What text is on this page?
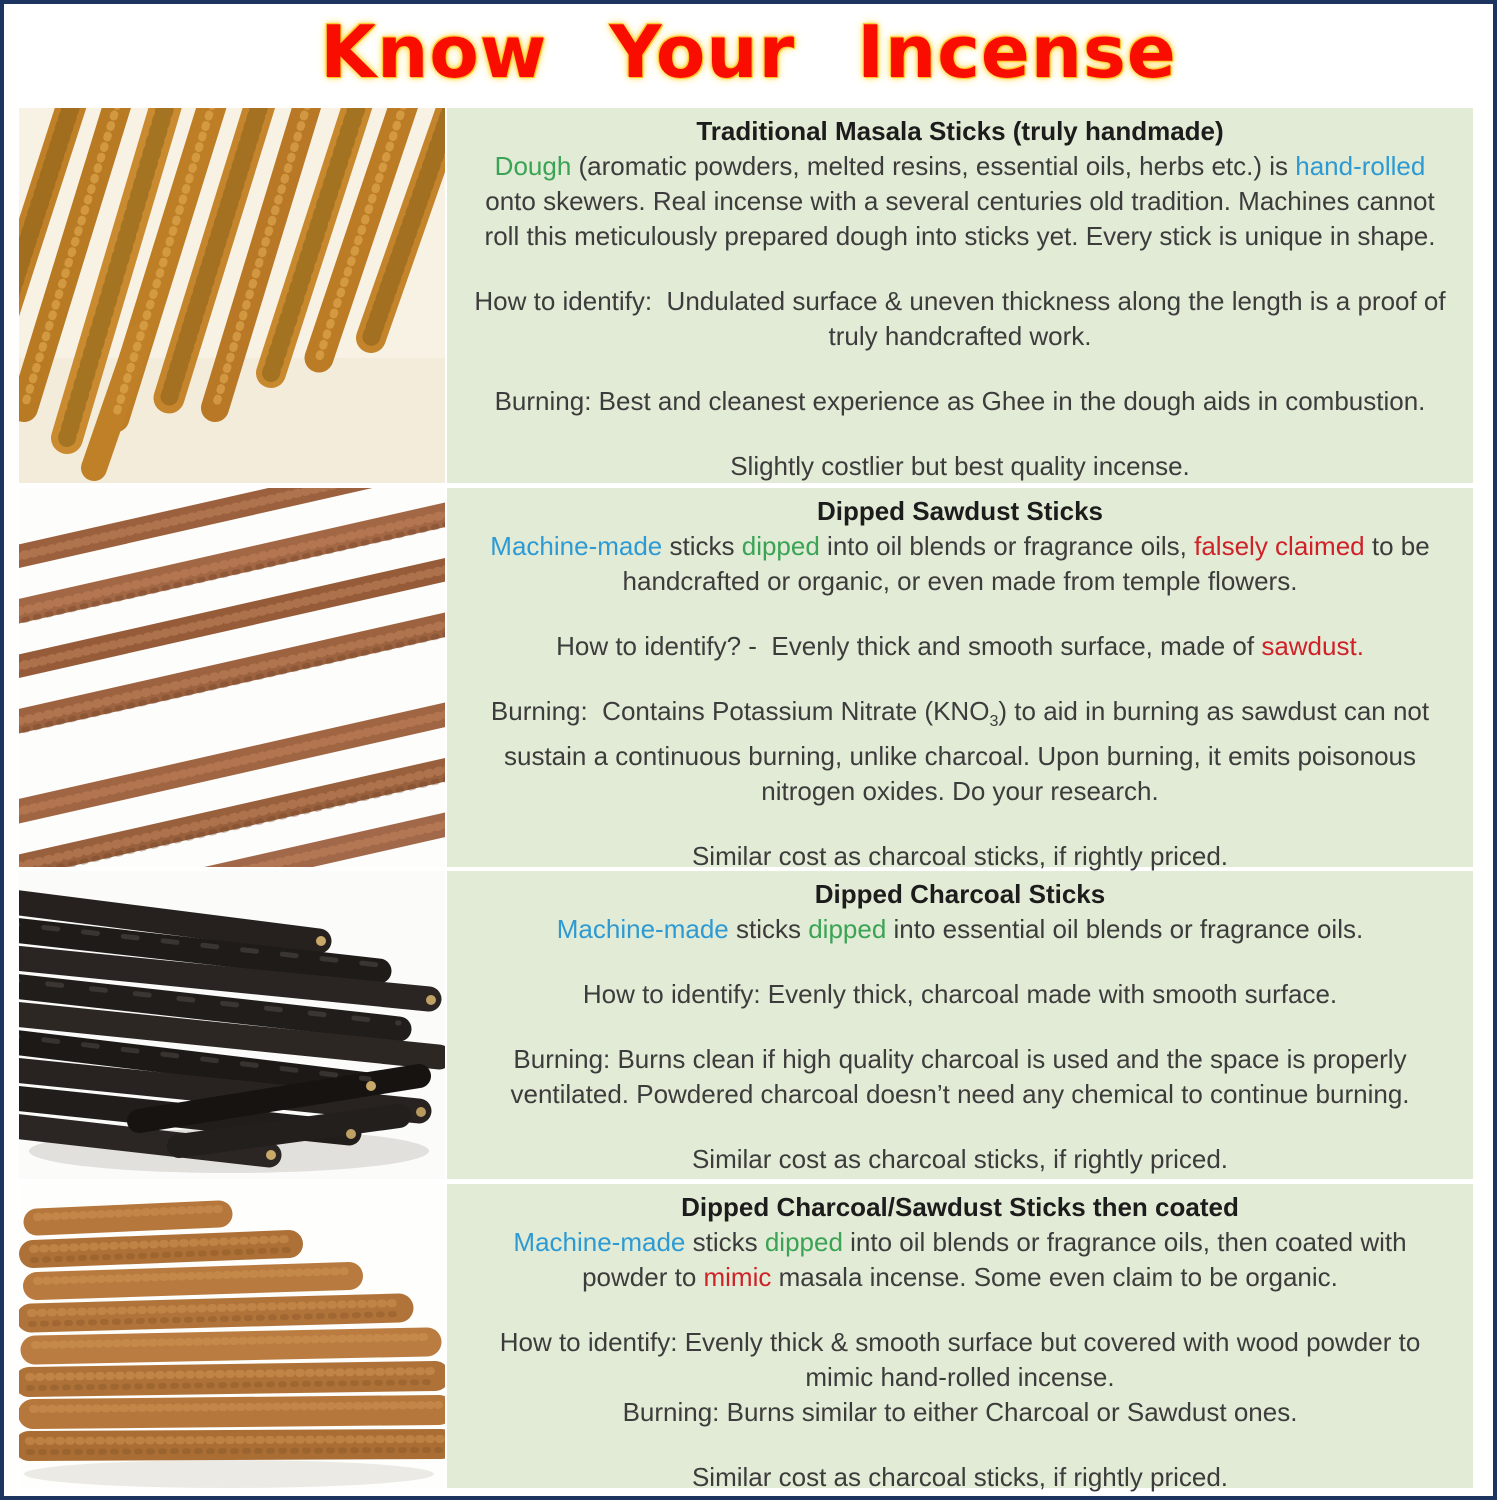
Know Your Incense

Traditional Masala Sticks (truly handmade)

Dough (aromatic powders, melted resins, essential oils, herbs etc.) is hand-rolled onto skewers. Real incense with a several centuries old tradition. Machines cannot roll this meticulously prepared dough into sticks yet. Every stick is unique in shape.

How to identify:  Undulated surface & uneven thickness along the length is a proof of truly handcrafted work.

Burning: Best and cleanest experience as Ghee in the dough aids in combustion.

Slightly costlier but best quality incense.

Dipped Sawdust Sticks

Machine-made sticks dipped into oil blends or fragrance oils, falsely claimed to be handcrafted or organic, or even made from temple flowers.

How to identify? -  Evenly thick and smooth surface, made of sawdust.

Burning:  Contains Potassium Nitrate $(KNO_3)$ to aid in burning as sawdust can not sustain a continuous burning, unlike charcoal. Upon burning, it emits poisonous nitrogen oxides. Do your research.

Similar cost as charcoal sticks, if rightly priced.

Dipped Charcoal Sticks

Machine-made sticks dipped into essential oil blends or fragrance oils.

How to identify: Evenly thick, charcoal made with smooth surface.

Burning: Burns clean if high quality charcoal is used and the space is properly ventilated. Powdered charcoal doesn’t need any chemical to continue burning.

Similar cost as charcoal sticks, if rightly priced.

Dipped Charcoal/Sawdust Sticks then coated

Machine-made sticks dipped into oil blends or fragrance oils, then coated with powder to mimic masala incense. Some even claim to be organic.

How to identify: Evenly thick & smooth surface but covered with wood powder to mimic hand-rolled incense.

Burning: Burns similar to either Charcoal or Sawdust ones.

Similar cost as charcoal sticks, if rightly priced.
